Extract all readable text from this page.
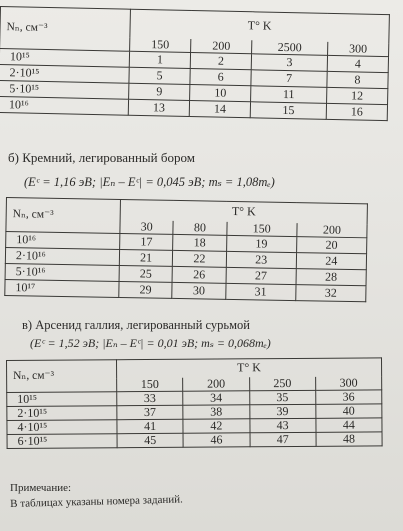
Nₙ, см⁻³	T° K			
	150	200	2500	300
10¹⁵	1	2	3	4
2·10¹⁵	5	6	7	8
5·10¹⁵	9	10	11	12
10¹⁶	13	14	15	16
б) Кремний, легированный бором
(Eᶜ = 1,16 эВ; |Eₙ – Eᶜ| = 0,045 эВ; mₛ = 1,08mₑ)
Nₙ, см⁻³	T° K			
	30	80	150	200
10¹⁶	17	18	19	20
2·10¹⁶	21	22	23	24
5·10¹⁶	25	26	27	28
10¹⁷	29	30	31	32
в) Арсенид галлия, легированный сурьмой
(Eᶜ = 1,52 эВ; |Eₙ – Eᶜ| = 0,01 эВ; mₛ = 0,068mₑ)
Nₙ, см⁻³	T° K			
	150	200	250	300
10¹⁵	33	34	35	36
2·10¹⁵	37	38	39	40
4·10¹⁵	41	42	43	44
6·10¹⁵	45	46	47	48
Примечание:
В таблицах указаны номера заданий.
